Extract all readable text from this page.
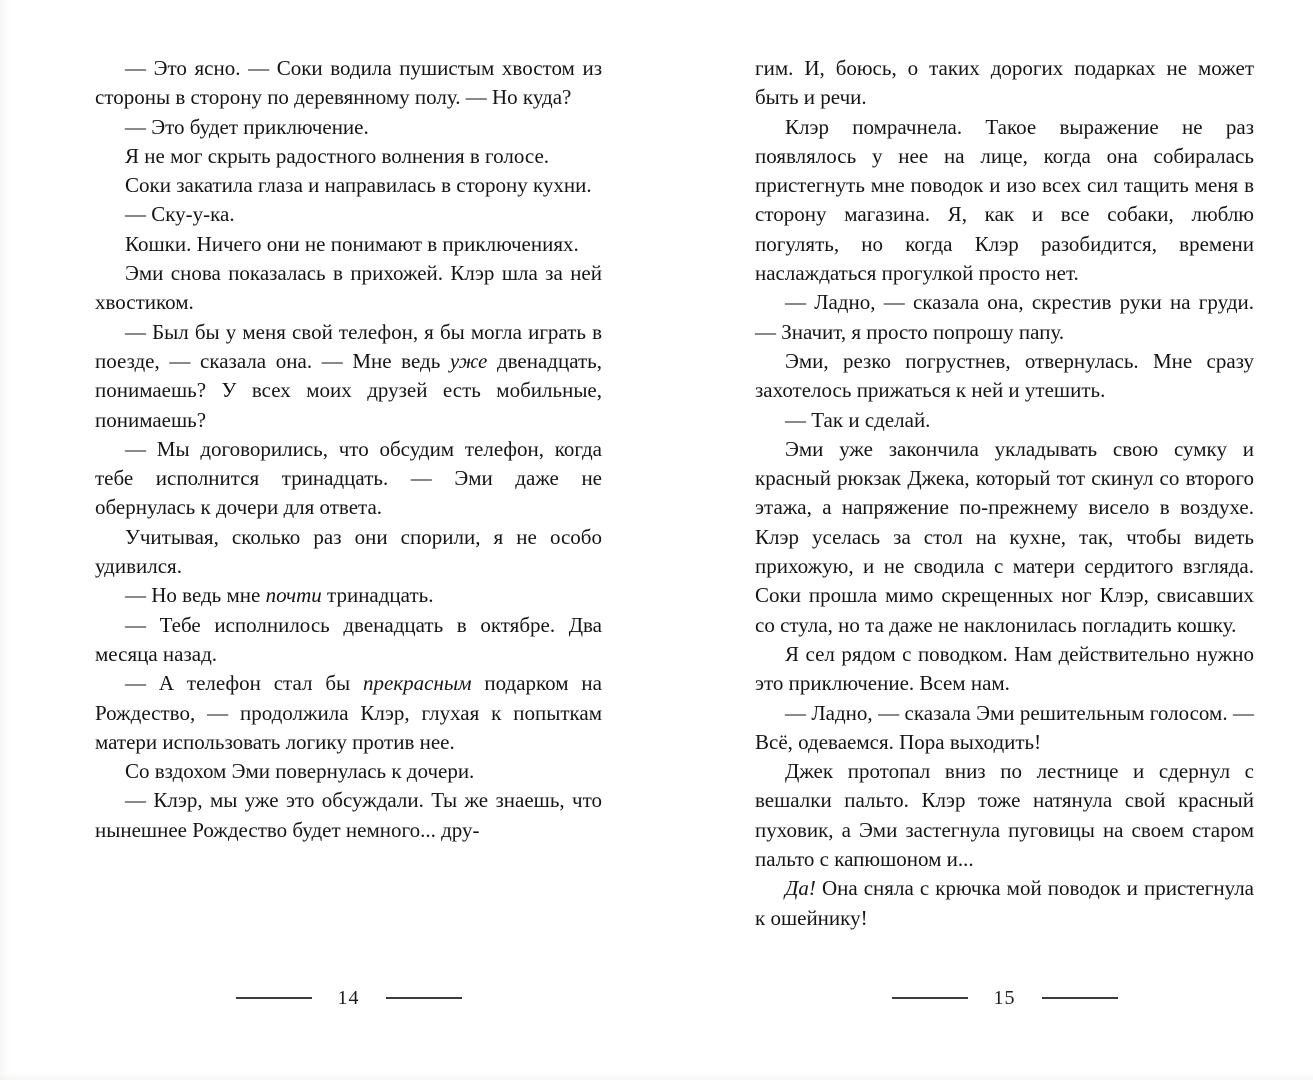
— Это ясно. — Соки водила пушистым хвостом из стороны в сторону по деревянному полу. — Но куда?

— Это будет приключение.

Я не мог скрыть радостного волнения в голосе.

Соки закатила глаза и направилась в сторону кухни.

— Ску-у-ка.

Кошки. Ничего они не понимают в приключениях.

Эми снова показалась в прихожей. Клэр шла за ней хвостиком.

— Был бы у меня свой телефон, я бы могла играть в поезде, — сказала она. — Мне ведь уже двенадцать, понимаешь? У всех моих друзей есть мобильные, понимаешь?

— Мы договорились, что обсудим телефон, когда тебе исполнится тринадцать. — Эми даже не обернулась к дочери для ответа.

Учитывая, сколько раз они спорили, я не особо удивился.

— Но ведь мне почти тринадцать.

— Тебе исполнилось двенадцать в октябре. Два месяца назад.

— А телефон стал бы прекрасным подарком на Рождество, — продолжила Клэр, глухая к попыткам матери использовать логику против нее.

Со вздохом Эми повернулась к дочери.

— Клэр, мы уже это обсуждали. Ты же знаешь, что нынешнее Рождество будет немного... дру-

14

гим. И, боюсь, о таких дорогих подарках не может быть и речи.

Клэр помрачнела. Такое выражение не раз появлялось у нее на лице, когда она собиралась пристегнуть мне поводок и изо всех сил тащить меня в сторону магазина. Я, как и все собаки, люблю погулять, но когда Клэр разобидится, времени наслаждаться прогулкой просто нет.

— Ладно, — сказала она, скрестив руки на груди. — Значит, я просто попрошу папу.

Эми, резко погрустнев, отвернулась. Мне сразу захотелось прижаться к ней и утешить.

— Так и сделай.

Эми уже закончила укладывать свою сумку и красный рюкзак Джека, который тот скинул со второго этажа, а напряжение по-прежнему висело в воздухе. Клэр уселась за стол на кухне, так, чтобы видеть прихожую, и не сводила с матери сердитого взгляда. Соки прошла мимо скрещенных ног Клэр, свисавших со стула, но та даже не наклонилась погладить кошку.

Я сел рядом с поводком. Нам действительно нужно это приключение. Всем нам.

— Ладно, — сказала Эми решительным голосом. — Всё, одеваемся. Пора выходить!

Джек протопал вниз по лестнице и сдернул с вешалки пальто. Клэр тоже натянула свой красный пуховик, а Эми застегнула пуговицы на своем старом пальто с капюшоном и...

Да! Она сняла с крючка мой поводок и пристегнула к ошейнику!

15
